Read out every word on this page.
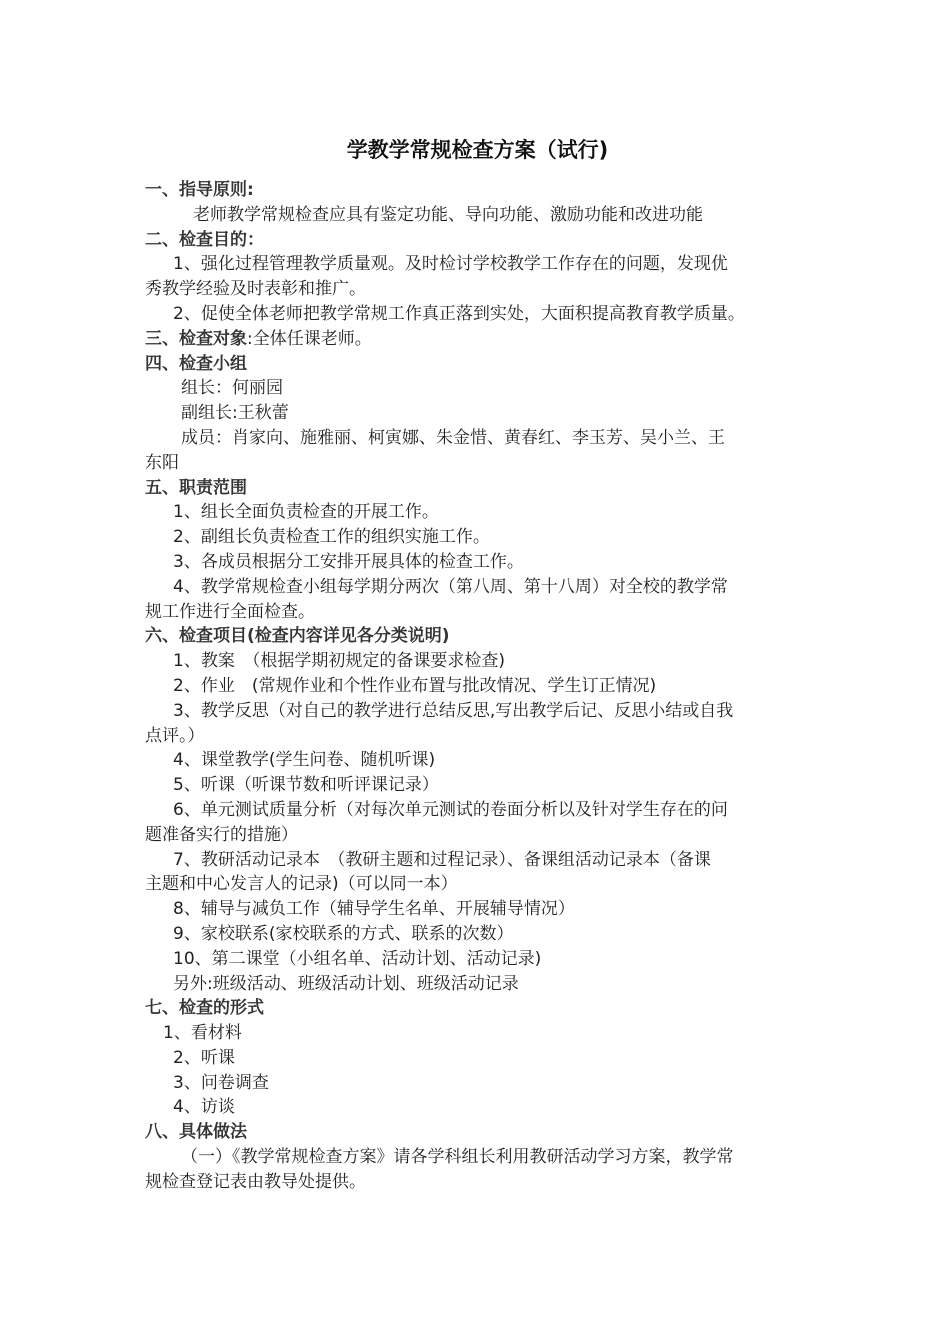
学教学常规检查方案（试行)
一、指导原则:
老师教学常规检查应具有鉴定功能、导向功能、激励功能和改进功能
二、检查目的：
1、强化过程管理教学质量观。及时检讨学校教学工作存在的问题，发现优
秀教学经验及时表彰和推广。
2、促使全体老师把教学常规工作真正落到实处，大面积提高教育教学质量。
三、检查对象:全体任课老师。
四、检查小组
组长：何丽园
副组长:王秋蕾
成员：肖家向、施雅丽、柯寅娜、朱金惜、黄春红、李玉芳、吴小兰、王
东阳
五、职责范围
1、组长全面负责检查的开展工作。
2、副组长负责检查工作的组织实施工作。
3、各成员根据分工安排开展具体的检查工作。
4、教学常规检查小组每学期分两次（第八周、第十八周）对全校的教学常
规工作进行全面检查。
六、检查项目(检查内容详见各分类说明)
1、教案　（根据学期初规定的备课要求检查)
2、作业　(常规作业和个性作业布置与批改情况、学生订正情况)
3、教学反思（对自己的教学进行总结反思,写出教学后记、反思小结或自我
点评。）
4、课堂教学(学生问卷、随机听课)
5、听课（听课节数和听评课记录）
6、单元测试质量分析（对每次单元测试的卷面分析以及针对学生存在的问
题准备实行的措施）
7、教研活动记录本　（教研主题和过程记录）、备课组活动记录本（备课
主题和中心发言人的记录)（可以同一本）
8、辅导与减负工作（辅导学生名单、开展辅导情况）
9、家校联系(家校联系的方式、联系的次数）
10、第二课堂（小组名单、活动计划、活动记录)
另外:班级活动、班级活动计划、班级活动记录
七、检查的形式
1、看材料
2、听课
3、问卷调查
4、访谈
八、具体做法
（一）《教学常规检查方案》请各学科组长利用教研活动学习方案，教学常
规检查登记表由教导处提供。
